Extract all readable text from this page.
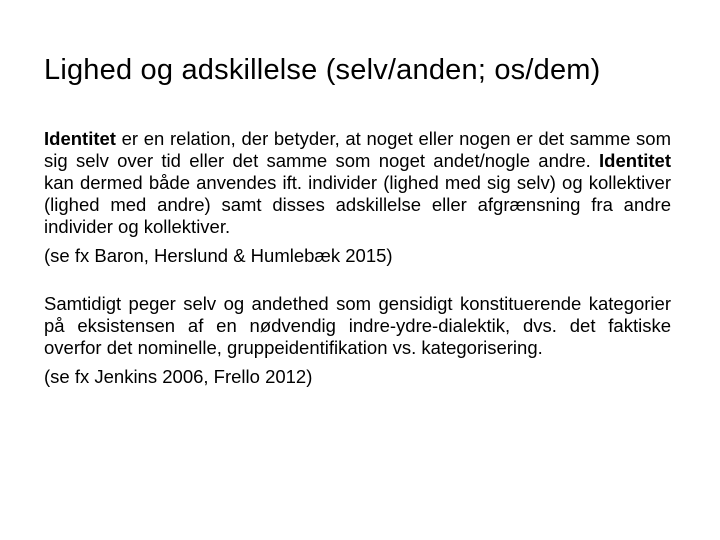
Lighed og adskillelse (selv/anden; os/dem)

Identitet er en relation, der betyder, at noget eller nogen er det samme som sig selv over tid eller det samme som noget andet/nogle andre. Identitet kan dermed både anvendes ift. individer (lighed med sig selv) og kollektiver (lighed med andre) samt disses adskillelse eller afgrænsning fra andre individer og kollektiver.

(se fx Baron, Herslund & Humlebæk 2015)

Samtidigt peger selv og andethed som gensidigt konstituerende kategorier på eksistensen af en nødvendig indre-ydre-dialektik, dvs. det faktiske overfor det nominelle, gruppeidentifikation vs. kategorisering.

(se fx Jenkins 2006, Frello 2012)
